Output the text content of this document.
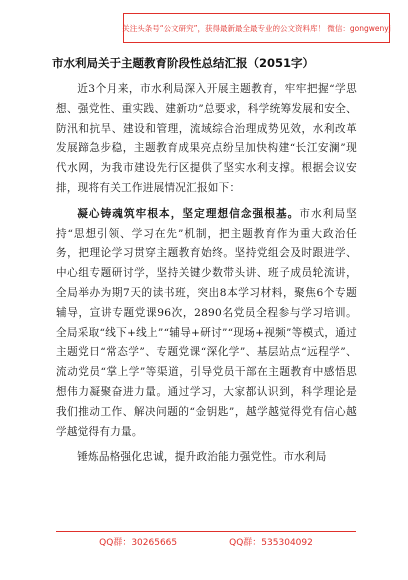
关注头条号“公文研究”，获得最新最全最专业的公文资料库！ 微信：gongwenyj
市水利局关于主题教育阶段性总结汇报（2051字）

近3个月来，市水利局深入开展主题教育，牢牢把握“学思想、强党性、重实践、建新功”总要求，科学统筹发展和安全、防汛和抗旱、建设和管理，流域综合治理成势见效，水利改革发展蹄急步稳，主题教育成果亮点纷呈加快构建“长江安澜”现代水网，为我市建设先行区提供了坚实水利支撑。根据会议安排，现将有关工作进展情况汇报如下：

凝心铸魂筑牢根本，坚定理想信念强根基。市水利局坚持“思想引领、学习在先”机制，把主题教育作为重大政治任务，把理论学习贯穿主题教育始终。坚持党组会及时跟进学、中心组专题研讨学，坚持关键少数带头讲、班子成员轮流讲，全局举办为期7天的读书班，突出8本学习材料，聚焦6个专题辅导，宣讲专题党课96次，2890名党员全程参与学习培训。全局采取“线下+线上”“辅导+研讨”“现场+视频”等模式，通过主题党日“常态学”、专题党课“深化学”、基层站点“远程学”、流动党员“掌上学”等渠道，引导党员干部在主题教育中感悟思想伟力凝聚奋进力量。通过学习，大家都认识到，科学理论是我们推动工作、解决问题的“金钥匙”，越学越觉得党有信心越学越觉得有力量。

锤炼品格强化忠诚，提升政治能力强党性。市水利局

QQ群：30265665	QQ群：535304092
